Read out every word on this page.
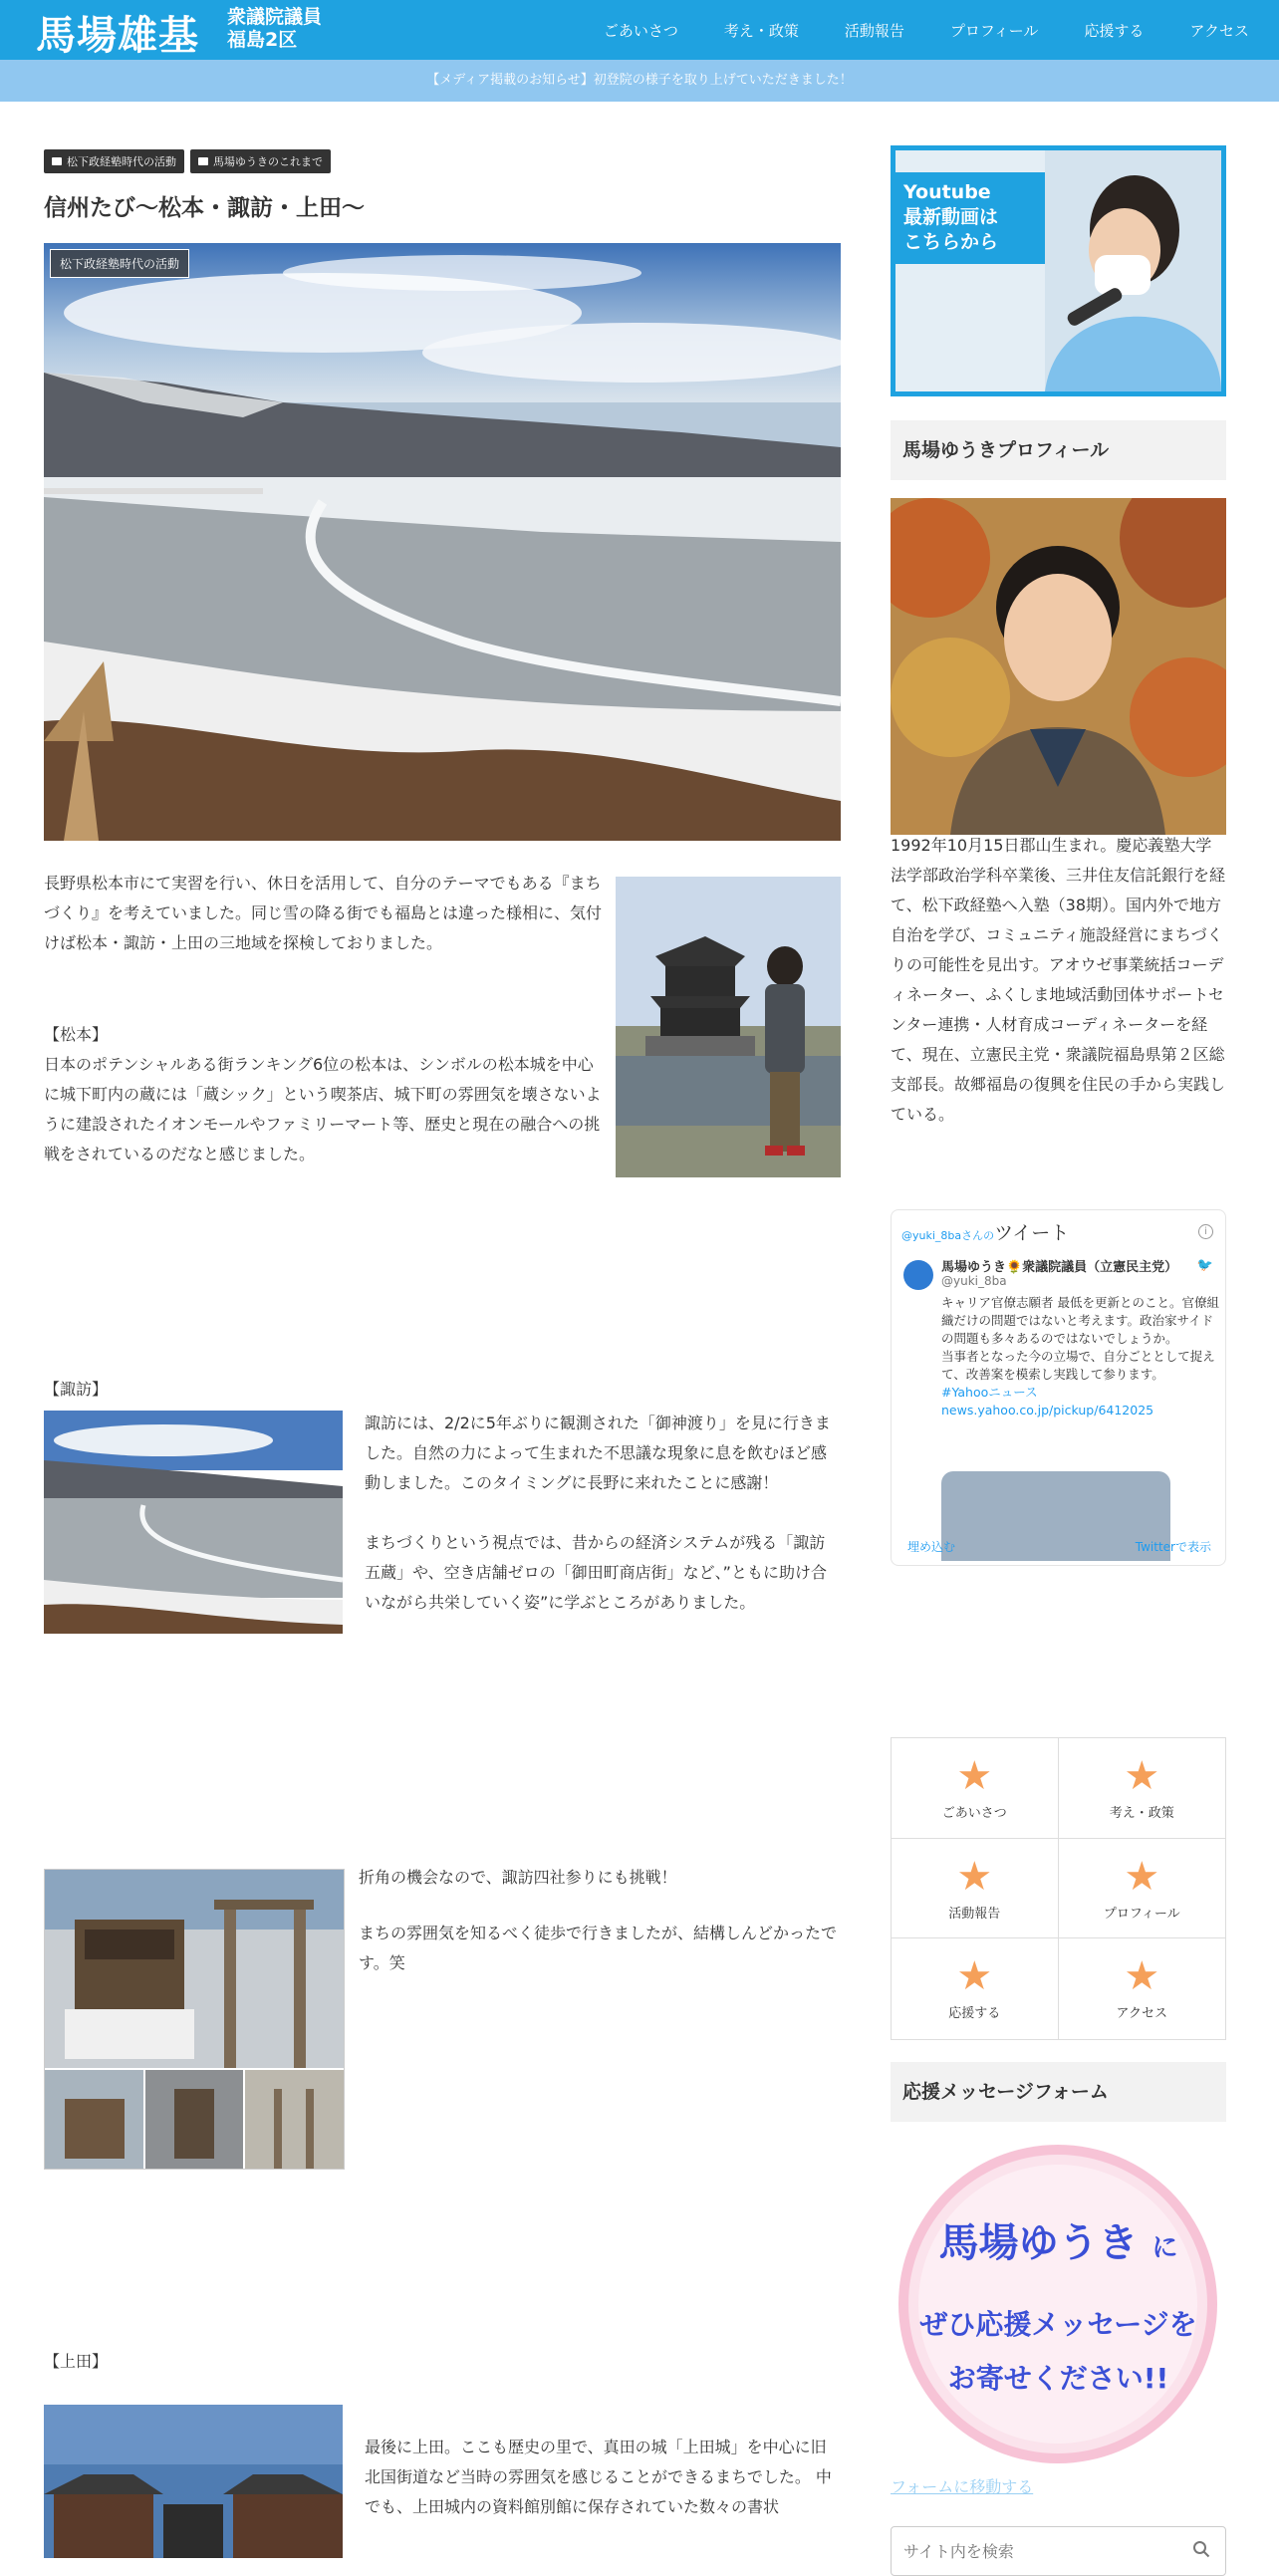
馬場雄基 衆議院議員
福島2区	ごあいさつ	考え・政策	活動報告	プロフィール	応援する	アクセス
【メディア掲載のお知らせ】初登院の様子を取り上げていただきました！
松下政経塾時代の活動	馬場ゆうきのこれまで
信州たび～松本・諏訪・上田～
松下政経塾時代の活動
長野県松本市にて実習を行い、休日を活用して、自分のテーマでもある『まちづくり』を考えていました。同じ雪の降る街でも福島とは違った様相に、気付けば松本・諏訪・上田の三地域を探検しておりました。
【松本】
日本のポテンシャルある街ランキング6位の松本は、シンボルの松本城を中心に城下町内の蔵には「蔵シック」という喫茶店、城下町の雰囲気を壊さないように建設されたイオンモールやファミリーマート等、歴史と現在の融合への挑戦をされているのだなと感じました。
【諏訪】
諏訪には、2/2に5年ぶりに観測された「御神渡り」を見に行きました。自然の力によって生まれた不思議な現象に息を飲むほど感動しました。このタイミングに長野に来れたことに感謝！
まちづくりという視点では、昔からの経済システムが残る「諏訪五蔵」や、空き店舗ゼロの「御田町商店街」など、”ともに助け合いながら共栄していく姿”に学ぶところがありました。
折角の機会なので、諏訪四社参りにも挑戦！
まちの雰囲気を知るべく徒歩で行きましたが、結構しんどかったです。笑
【上田】
最後に上田。ここも歴史の里で、真田の城「上田城」を中心に旧北国街道など当時の雰囲気を感じることができるまちでした。 中でも、上田城内の資料館別館に保存されていた数々の書状
Youtube
最新動画は
こちらから
馬場ゆうきプロフィール
1992年10月15日郡山生まれ。慶応義塾大学法学部政治学科卒業後、三井住友信託銀行を経て、松下政経塾へ入塾（38期）。国内外で地方自治を学び、コミュニティ施設経営にまちづくりの可能性を見出す。アオウゼ事業統括コーディネーター、ふくしま地域活動団体サポートセンター連携・人材育成コーディネーターを経て、現在、立憲民主党・衆議院福島県第２区総支部長。故郷福島の復興を住民の手から実践している。
@yuki_8baさんのツイート	i
馬場ゆうき🌻衆議院議員（立憲民主党）
@yuki_8ba
🐦
キャリア官僚志願者 最低を更新とのこと。官僚組織だけの問題ではないと考えます。政治家サイドの問題も多々あるのではないでしょうか。
当事者となった今の立場で、自分ごととして捉えて、改善案を模索し実践して参ります。
#Yahooニュース
news.yahoo.co.jp/pickup/6412025
埋め込む	Twitterで表示
★
ごあいさつ
★
考え・政策
★
活動報告
★
プロフィール
★
応援する
★
アクセス
応援メッセージフォーム
馬場ゆうき に
ぜひ応援メッセージを
お寄せください!!
フォームに移動する
サイト内を検索
